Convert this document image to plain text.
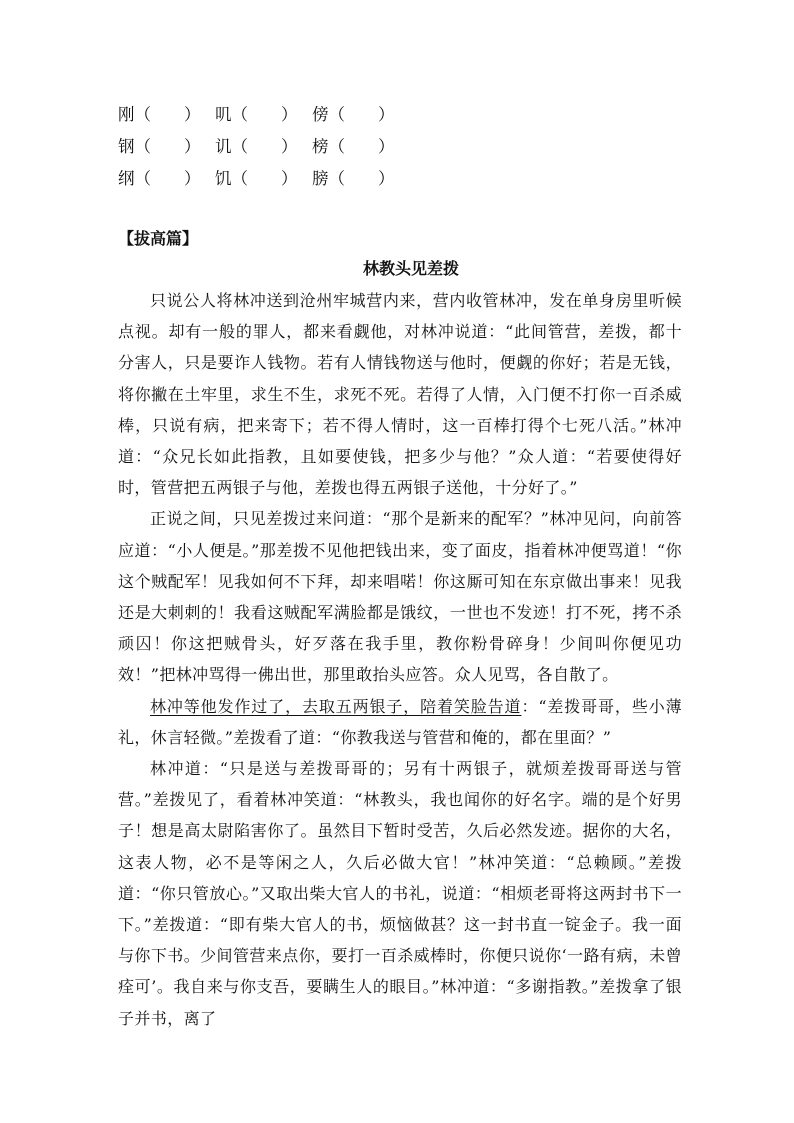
刚（　　） 叽（　　） 傍（　　）
钢（　　） 讥（　　） 榜（　　）
纲（　　） 饥（　　） 膀（　　）
【拔高篇】
林教头见差拨

只说公人将林冲送到沧州牢城营内来，营内收管林冲，发在单身房里听候点视。却有一般的罪人，都来看觑他，对林冲说道：“此间管营，差拨，都十分害人，只是要诈人钱物。若有人情钱物送与他时，便觑的你好；若是无钱，将你撇在土牢里，求生不生，求死不死。若得了人情，入门便不打你一百杀威棒，只说有病，把来寄下；若不得人情时，这一百棒打得个七死八活。”林冲道：“众兄长如此指教，且如要使钱，把多少与他？”众人道：“若要使得好时，管营把五两银子与他，差拨也得五两银子送他，十分好了。”

正说之间，只见差拨过来问道：“那个是新来的配军？”林冲见问，向前答应道：“小人便是。”那差拨不见他把钱出来，变了面皮，指着林冲便骂道！“你这个贼配军！见我如何不下拜，却来唱喏！你这厮可知在东京做出事来！见我还是大刺刺的！我看这贼配军满脸都是饿纹，一世也不发迹！打不死，拷不杀顽囚！你这把贼骨头，好歹落在我手里，教你粉骨碎身！少间叫你便见功效！”把林冲骂得一佛出世，那里敢抬头应答。众人见骂，各自散了。

林冲等他发作过了，去取五两银子，陪着笑脸告道：“差拨哥哥，些小薄礼，休言轻微。”差拨看了道：“你教我送与管营和俺的，都在里面？”

林冲道：“只是送与差拨哥哥的；另有十两银子，就烦差拨哥哥送与管营。”差拨见了，看着林冲笑道：“林教头，我也闻你的好名字。端的是个好男子！想是高太尉陷害你了。虽然目下暂时受苦，久后必然发迹。据你的大名，这表人物，必不是等闲之人，久后必做大官！”林冲笑道：“总赖顾。”差拨道：“你只管放心。”又取出柴大官人的书礼，说道：“相烦老哥将这两封书下一下。”差拨道：“即有柴大官人的书，烦恼做甚？这一封书直一锭金子。我一面与你下书。少间管营来点你，要打一百杀威棒时，你便只说你‘一路有病，未曾痊可’。我自来与你支吾，要瞒生人的眼目。”林冲道：“多谢指教。”差拨拿了银子并书，离了
